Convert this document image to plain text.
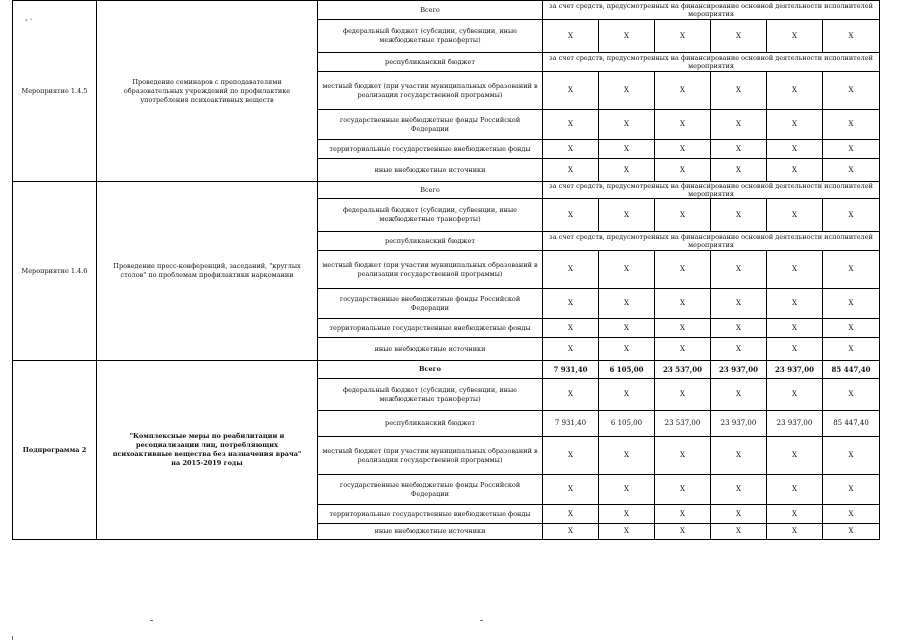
' `
Мероприятие 1.4.5	Проведение семинаров с преподавателями образовательных учреждений по профилактике употребления психоактивных веществ	Всего	за счет средств, предусмотренных на финансирование основной деятельности исполнителей мероприятия					
		федеральный бюджет (субсидии, субвенции, иные межбюджетные трансферты)	X	X	X	X	X	X
		республиканский бюджет	за счет средств, предусмотренных на финансирование основной деятельности исполнителей мероприятия					
		местный бюджет (при участии муниципальных образований в реализации государственной программы)	X	X	X	X	X	X
		государственные внебюджетные фонды Российской Федерации	X	X	X	X	X	X
		территориальные государственные внебюджетные фонды	X	X	X	X	X	X
		иные внебюджетные источники	X	X	X	X	X	X
Мероприятие 1.4.6	Проведение пресс-конференций, заседаний, "круглых столов" по проблемам профилактики наркомании	Всего	за счет средств, предусмотренных на финансирование основной деятельности исполнителей мероприятия					
		федеральный бюджет (субсидии, субвенции, иные межбюджетные трансферты)	X	X	X	X	X	X
		республиканский бюджет	за счет средств, предусмотренных на финансирование основной деятельности исполнителей мероприятия					
		местный бюджет (при участии муниципальных образований в реализации государственной программы)	X	X	X	X	X	X
		государственные внебюджетные фонды Российской Федерации	X	X	X	X	X	X
		территориальные государственные внебюджетные фонды	X	X	X	X	X	X
		иные внебюджетные источники	X	X	X	X	X	X
Подпрограмма 2	"Комплексные меры по реабилитации и ресоциализации лиц, потребляющих психоактивные вещества без назначения врача" на 2015-2019 годы	Всего	7 931,40	6 105,00	23 537,00	23 937,00	23 937,00	85 447,40
		федеральный бюджет (субсидии, субвенции, иные межбюджетные трансферты)	X	X	X	X	X	X
		республиканский бюджет	7 931,40	6 105,00	23 537,00	23 937,00	23 937,00	85 447,40
		местный бюджет (при участии муниципальных образований в реализации государственной программы)	X	X	X	X	X	X
		государственные внебюджетные фонды Российской Федерации	X	X	X	X	X	X
		территориальные государственные внебюджетные фонды	X	X	X	X	X	X
		иные внебюджетные источники	X	X	X	X	X	X
